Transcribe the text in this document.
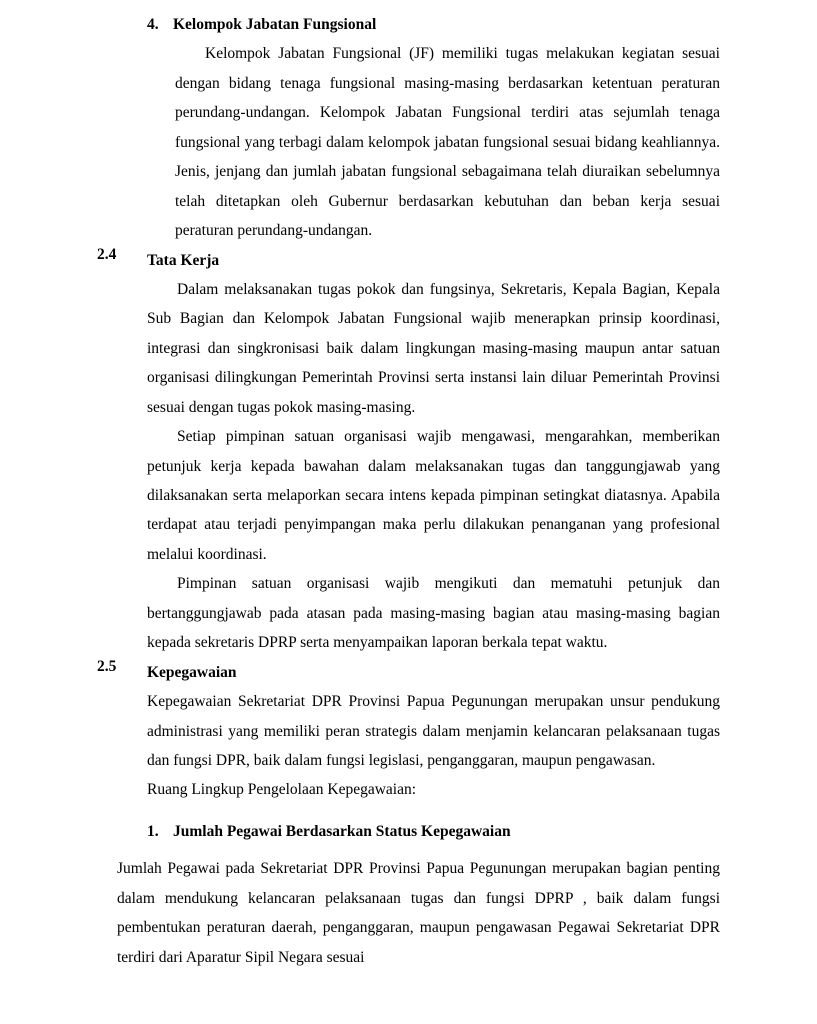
4. Kelompok Jabatan Fungsional

Kelompok Jabatan Fungsional (JF) memiliki tugas melakukan kegiatan sesuai dengan bidang tenaga fungsional masing-masing berdasarkan ketentuan peraturan perundang-undangan. Kelompok Jabatan Fungsional terdiri atas sejumlah tenaga fungsional yang terbagi dalam kelompok jabatan fungsional sesuai bidang keahliannya. Jenis, jenjang dan jumlah jabatan fungsional sebagaimana telah diuraikan sebelumnya telah ditetapkan oleh Gubernur berdasarkan kebutuhan dan beban kerja sesuai peraturan perundang-undangan.

2.4 Tata Kerja

Dalam melaksanakan tugas pokok dan fungsinya, Sekretaris, Kepala Bagian, Kepala Sub Bagian dan Kelompok Jabatan Fungsional wajib menerapkan prinsip koordinasi, integrasi dan singkronisasi baik dalam lingkungan masing-masing maupun antar satuan organisasi dilingkungan Pemerintah Provinsi serta instansi lain diluar Pemerintah Provinsi sesuai dengan tugas pokok masing-masing.

Setiap pimpinan satuan organisasi wajib mengawasi, mengarahkan, memberikan petunjuk kerja kepada bawahan dalam melaksanakan tugas dan tanggungjawab yang dilaksanakan serta melaporkan secara intens kepada pimpinan setingkat diatasnya. Apabila terdapat atau terjadi penyimpangan maka perlu dilakukan penanganan yang profesional melalui koordinasi.

Pimpinan satuan organisasi wajib mengikuti dan mematuhi petunjuk dan bertanggungjawab pada atasan pada masing-masing bagian atau masing-masing bagian kepada sekretaris DPRP serta menyampaikan laporan berkala tepat waktu.

2.5 Kepegawaian

Kepegawaian Sekretariat DPR Provinsi Papua Pegunungan merupakan unsur pendukung administrasi yang memiliki peran strategis dalam menjamin kelancaran pelaksanaan tugas dan fungsi DPR, baik dalam fungsi legislasi, penganggaran, maupun pengawasan.

Ruang Lingkup Pengelolaan Kepegawaian:

1. Jumlah Pegawai Berdasarkan Status Kepegawaian

Jumlah Pegawai pada Sekretariat DPR Provinsi Papua Pegunungan merupakan bagian penting dalam mendukung kelancaran pelaksanaan tugas dan fungsi DPRP , baik dalam fungsi pembentukan peraturan daerah, penganggaran, maupun pengawasan Pegawai Sekretariat DPR terdiri dari Aparatur Sipil Negara sesuai
